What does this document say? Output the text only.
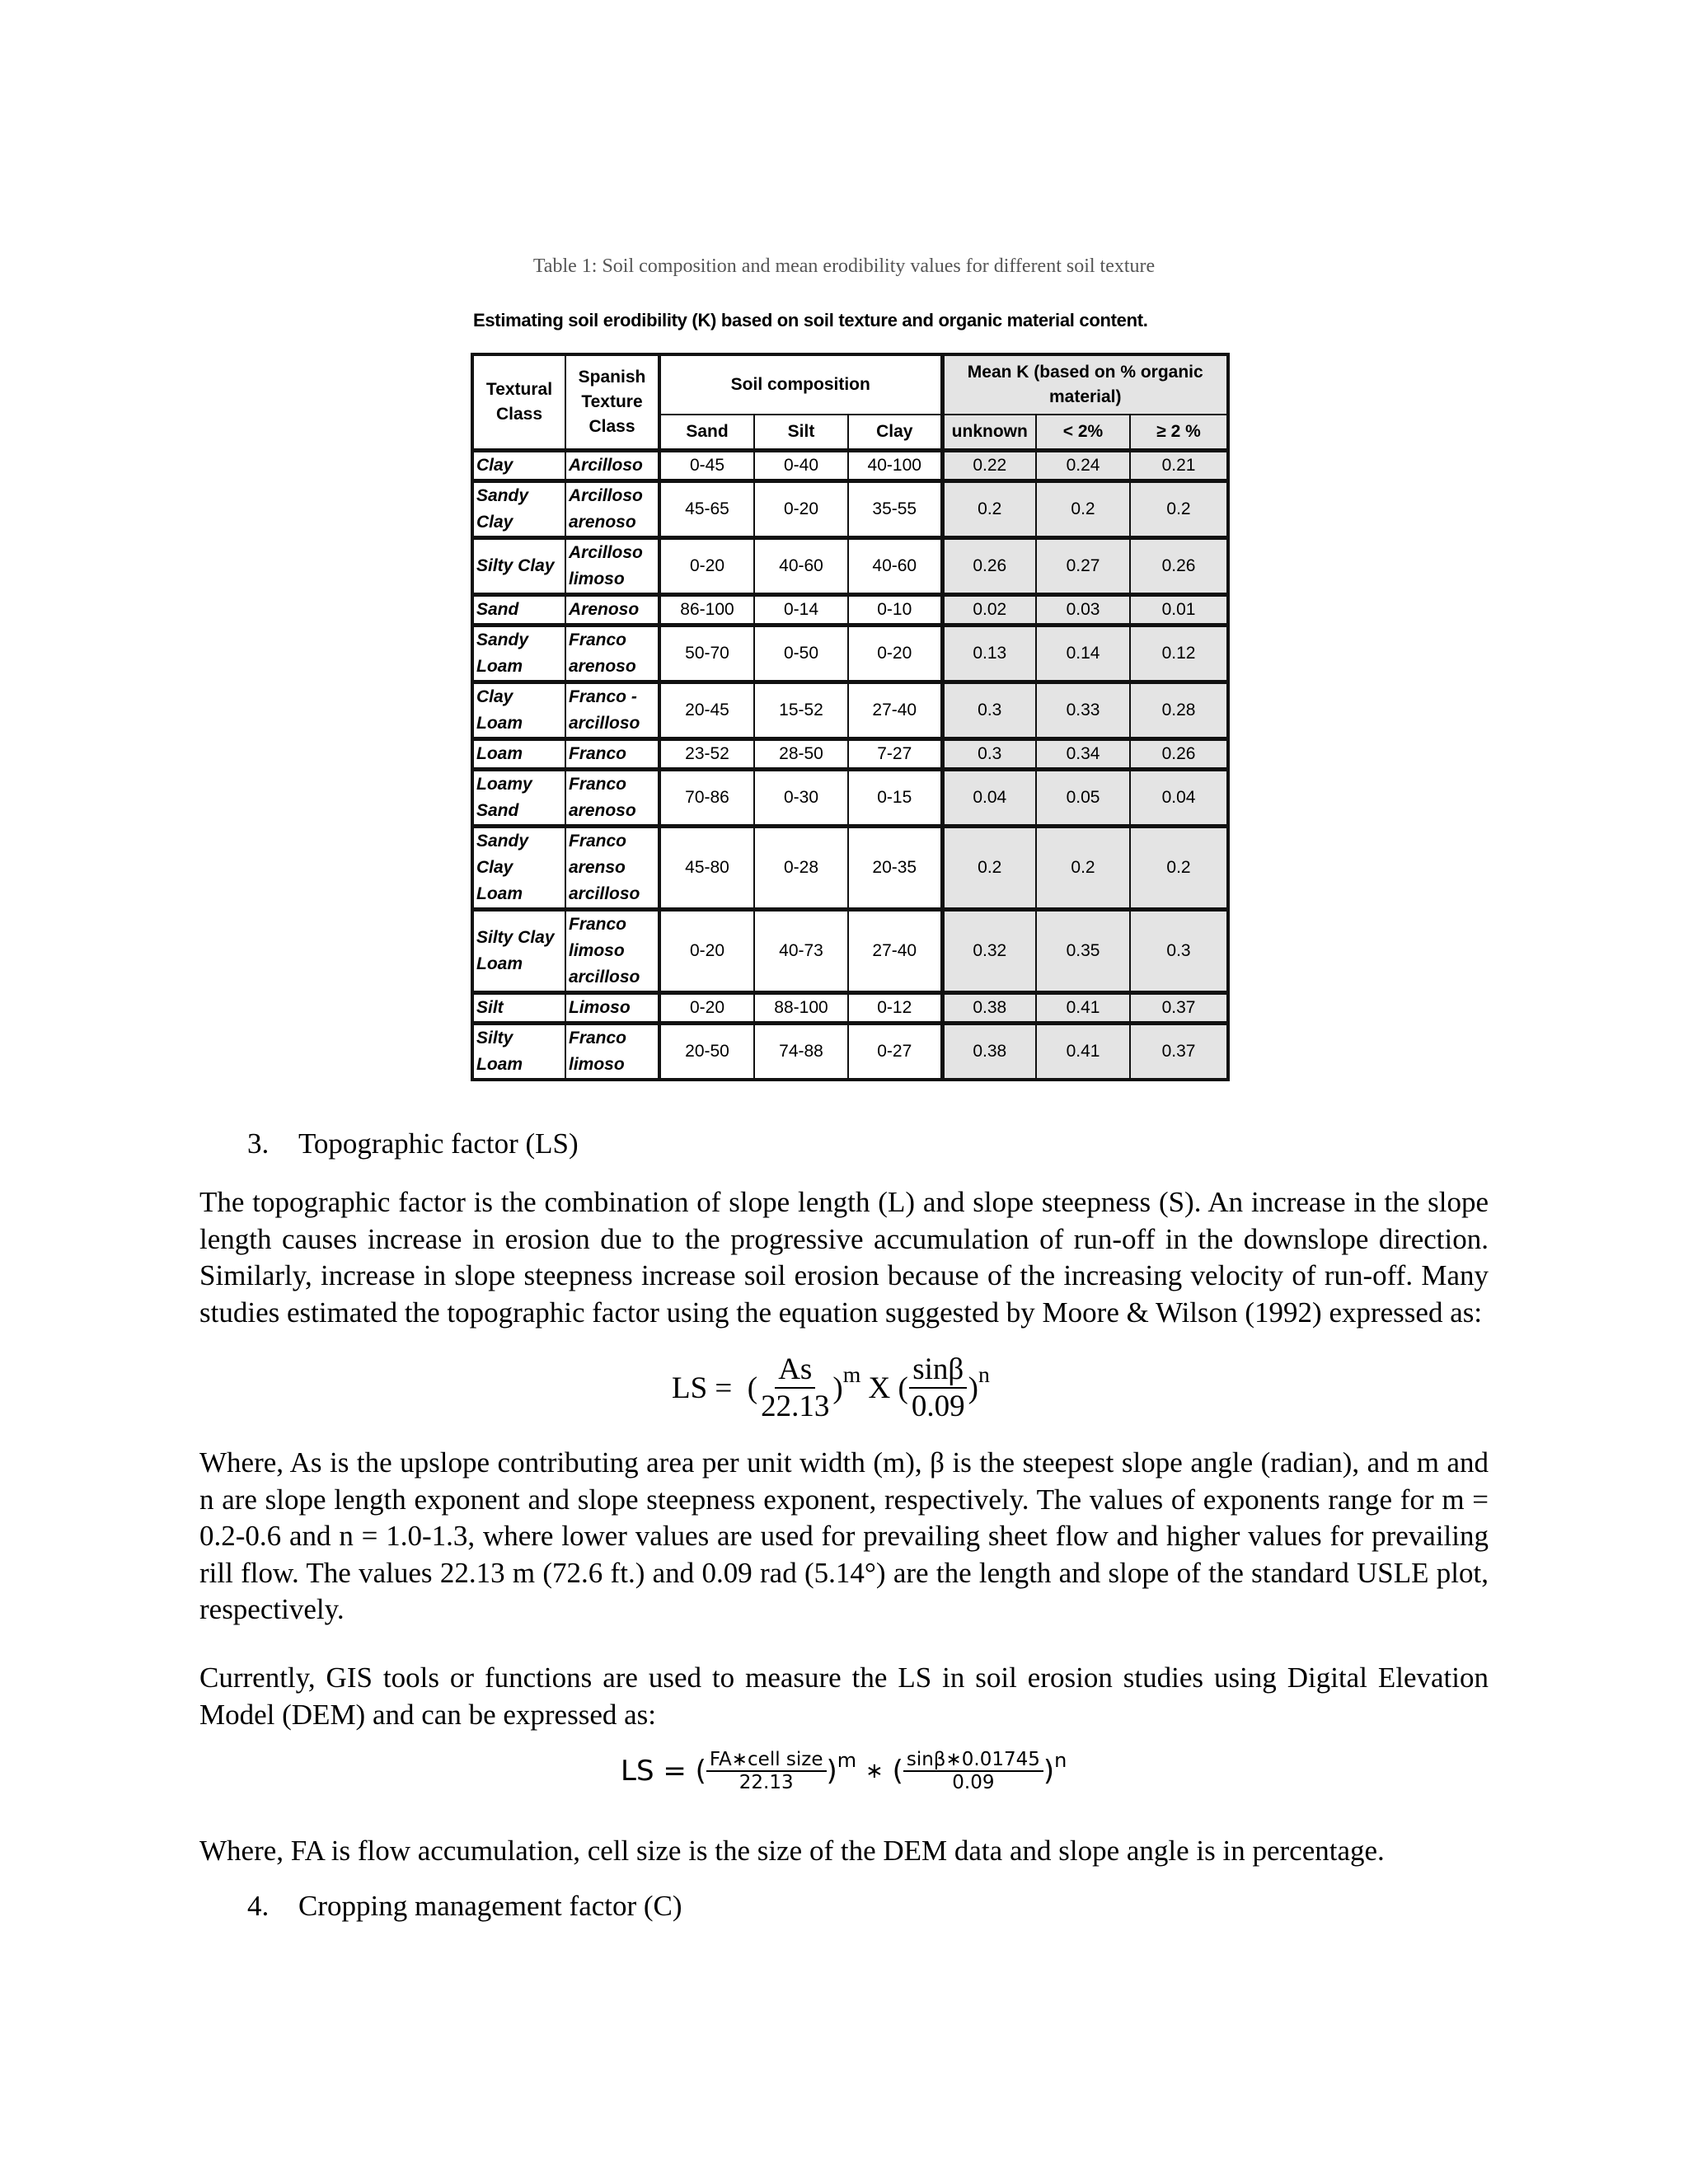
Table 1: Soil composition and mean erodibility values for different soil texture
Estimating soil erodibility (K) based on soil texture and organic material content.
Textural Class	Spanish Texture Class	Soil composition			Mean K (based on % organic material)		
		Sand	Silt	Clay	unknown	< 2%	≥ 2 %
Clay	Arcilloso	0-45	0-40	40-100	0.22	0.24	0.21
Sandy Clay	Arcilloso arenoso	45-65	0-20	35-55	0.2	0.2	0.2
Silty Clay	Arcilloso limoso	0-20	40-60	40-60	0.26	0.27	0.26
Sand	Arenoso	86-100	0-14	0-10	0.02	0.03	0.01
Sandy Loam	Franco arenoso	50-70	0-50	0-20	0.13	0.14	0.12
Clay Loam	Franco - arcilloso	20-45	15-52	27-40	0.3	0.33	0.28
Loam	Franco	23-52	28-50	7-27	0.3	0.34	0.26
Loamy Sand	Franco arenoso	70-86	0-30	0-15	0.04	0.05	0.04
Sandy Clay Loam	Franco arenso arcilloso	45-80	0-28	20-35	0.2	0.2	0.2
Silty Clay Loam	Franco limoso arcilloso	0-20	40-73	27-40	0.32	0.35	0.3
Silt	Limoso	0-20	88-100	0-12	0.38	0.41	0.37
Silty Loam	Franco limoso	20-50	74-88	0-27	0.38	0.41	0.37
3. Topographic factor (LS)
The topographic factor is the combination of slope length (L) and slope steepness (S). An increase in the slope length causes increase in erosion due to the progressive accumulation of run-off in the downslope direction. Similarly, increase in slope steepness increase soil erosion because of the increasing velocity of run-off. Many studies estimated the topographic factor using the equation suggested by Moore & Wilson (1992) expressed as:
LS = ( $\frac{As}{22.13} )^m$
X ( $\frac{\sin\beta}{0.09} )^n$
Where, As is the upslope contributing area per unit width (m), β is the steepest slope angle (radian), and m and n are slope length exponent and slope steepness exponent, respectively. The values of exponents range for m = 0.2-0.6 and n = 1.0-1.3, where lower values are used for prevailing sheet flow and higher values for prevailing rill flow. The values 22.13 m (72.6 ft.) and 0.09 rad (5.14°) are the length and slope of the standard USLE plot, respectively.
Currently, GIS tools or functions are used to measure the LS in soil erosion studies using Digital Elevation Model (DEM) and can be expressed as:
LS = ( $\frac{\text{FA∗cell size}}{22.13} )^m$
∗ ( $\frac{\sin\beta∗0.01745}{0.09} )^n$
Where, FA is flow accumulation, cell size is the size of the DEM data and slope angle is in percentage.
4. Cropping management factor (C)
